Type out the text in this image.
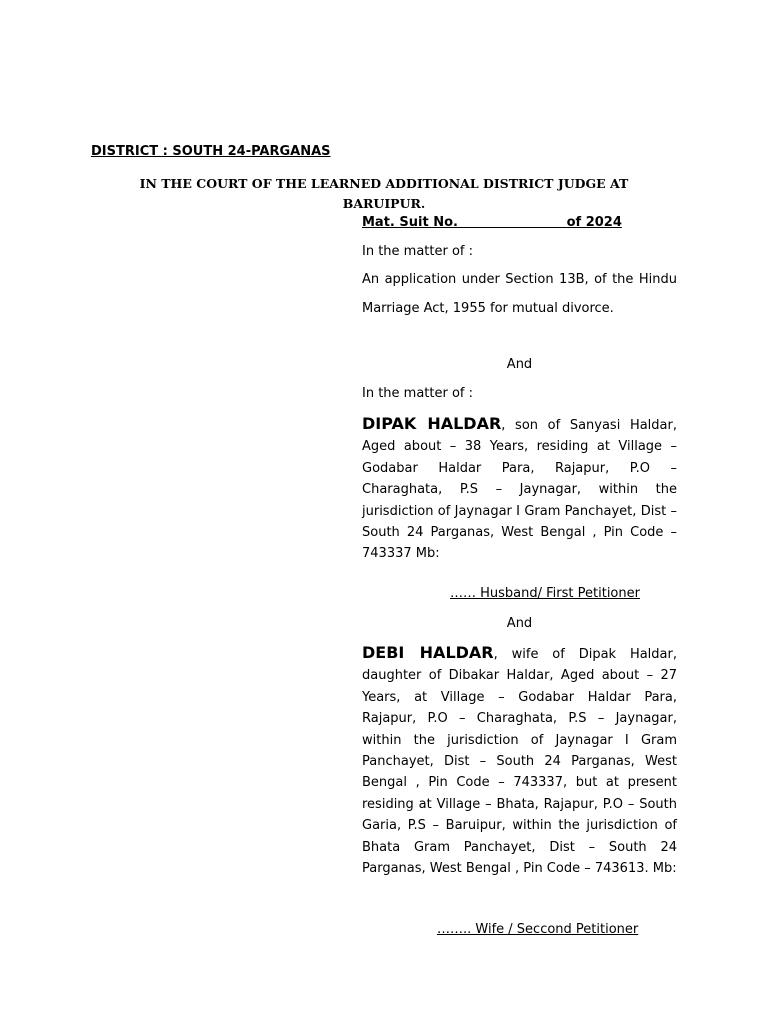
DISTRICT : SOUTH 24-PARGANAS
IN THE COURT OF THE LEARNED ADDITIONAL DISTRICT JUDGE AT
BARUIPUR.
Mat. Suit No.	of 2024
In the matter of :
An application under Section 13B, of the Hindu Marriage Act, 1955 for mutual divorce.
And
In the matter of :
DIPAK HALDAR, son of Sanyasi Haldar, Aged about – 38 Years, residing at Village – Godabar Haldar Para, Rajapur, P.O – Charaghata, P.S – Jaynagar, within the jurisdiction of Jaynagar I Gram Panchayet, Dist – South 24 Parganas, West Bengal , Pin Code – 743337 Mb:
…… Husband/ First Petitioner
And
DEBI HALDAR, wife of Dipak Haldar, daughter of Dibakar Haldar, Aged about – 27 Years, at Village – Godabar Haldar Para, Rajapur, P.O – Charaghata, P.S – Jaynagar, within the jurisdiction of Jaynagar I Gram Panchayet, Dist – South 24 Parganas, West Bengal , Pin Code – 743337, but at present residing at Village – Bhata, Rajapur, P.O – South Garia, P.S – Baruipur, within the jurisdiction of Bhata Gram Panchayet, Dist – South 24 Parganas, West Bengal , Pin Code – 743613. Mb:
…….. Wife / Seccond Petitioner
